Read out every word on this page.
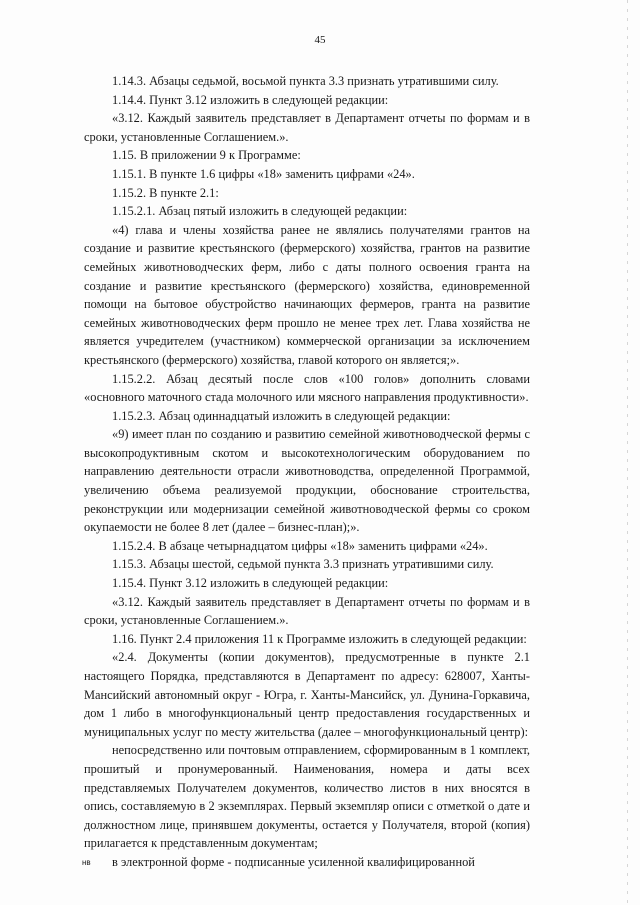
45

1.14.3. Абзацы седьмой, восьмой пункта 3.3 признать утратившими силу.

1.14.4. Пункт 3.12 изложить в следующей редакции:

«3.12. Каждый заявитель представляет в Департамент отчеты по формам и в сроки, установленные Соглашением.».

1.15. В приложении 9 к Программе:

1.15.1. В пункте 1.6 цифры «18» заменить цифрами «24».

1.15.2. В пункте 2.1:

1.15.2.1. Абзац пятый изложить в следующей редакции:

«4) глава и члены хозяйства ранее не являлись получателями грантов на создание и развитие крестьянского (фермерского) хозяйства, грантов на развитие семейных животноводческих ферм, либо с даты полного освоения гранта на создание и развитие крестьянского (фермерского) хозяйства, единовременной помощи на бытовое обустройство начинающих фермеров, гранта на развитие семейных животноводческих ферм прошло не менее трех лет. Глава хозяйства не является учредителем (участником) коммерческой организации за исключением крестьянского (фермерского) хозяйства, главой которого он является;».

1.15.2.2. Абзац десятый после слов «100 голов» дополнить словами «основного маточного стада молочного или мясного направления продуктивности».

1.15.2.3. Абзац одиннадцатый изложить в следующей редакции:

«9) имеет план по созданию и развитию семейной животноводческой фермы с высокопродуктивным скотом и высокотехнологическим оборудованием по направлению деятельности отрасли животноводства, определенной Программой, увеличению объема реализуемой продукции, обоснование строительства, реконструкции или модернизации семейной животноводческой фермы со сроком окупаемости не более 8 лет (далее – бизнес-план);».

1.15.2.4. В абзаце четырнадцатом цифры «18» заменить цифрами «24».

1.15.3. Абзацы шестой, седьмой пункта 3.3 признать утратившими силу.

1.15.4. Пункт 3.12 изложить в следующей редакции:

«3.12. Каждый заявитель представляет в Департамент отчеты по формам и в сроки, установленные Соглашением.».

1.16. Пункт 2.4 приложения 11 к Программе изложить в следующей редакции:

«2.4. Документы (копии документов), предусмотренные в пункте 2.1 настоящего Порядка, представляются в Департамент по адресу: 628007, Ханты-Мансийский автономный округ - Югра, г. Ханты-Мансийск, ул. Дунина-Горкавича, дом 1 либо в многофункциональный центр предоставления государственных и муниципальных услуг по месту жительства (далее – многофункциональный центр):

непосредственно или почтовым отправлением, сформированным в 1 комплект, прошитый и пронумерованный. Наименования, номера и даты всех представляемых Получателем документов, количество листов в них вносятся в опись, составляемую в 2 экземплярах. Первый экземпляр описи с отметкой о дате и должностном лице, принявшем документы, остается у Получателя, второй (копия) прилагается к представленным документам;

в электронной форме - подписанные усиленной квалифицированной

нв
